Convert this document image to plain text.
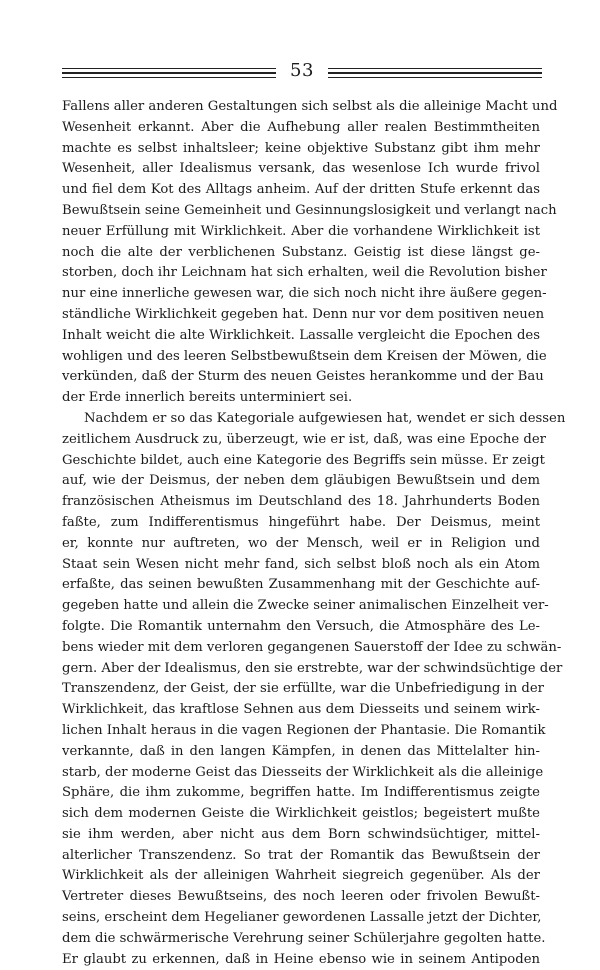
53
Fallens aller anderen Gestaltungen sich selbst als die alleinige Macht und
Wesenheit erkannt. Aber die Aufhebung aller realen Bestimmtheiten
machte es selbst inhaltsleer; keine objektive Substanz gibt ihm mehr
Wesenheit, aller Idealismus versank, das wesenlose Ich wurde frivol
und fiel dem Kot des Alltags anheim. Auf der dritten Stufe erkennt das
Bewußtsein seine Gemeinheit und Gesinnungslosigkeit und verlangt nach
neuer Erfüllung mit Wirklichkeit. Aber die vorhandene Wirklichkeit ist
noch die alte der verblichenen Substanz. Geistig ist diese längst ge-
storben, doch ihr Leichnam hat sich erhalten, weil die Revolution bisher
nur eine innerliche gewesen war, die sich noch nicht ihre äußere gegen-
ständliche Wirklichkeit gegeben hat. Denn nur vor dem positiven neuen
Inhalt weicht die alte Wirklichkeit. Lassalle vergleicht die Epochen des
wohligen und des leeren Selbstbewußtsein dem Kreisen der Möwen, die
verkünden, daß der Sturm des neuen Geistes herankomme und der Bau
der Erde innerlich bereits unterminiert sei.
Nachdem er so das Kategoriale aufgewiesen hat, wendet er sich dessen
zeitlichem Ausdruck zu, überzeugt, wie er ist, daß, was eine Epoche der
Geschichte bildet, auch eine Kategorie des Begriffs sein müsse. Er zeigt
auf, wie der Deismus, der neben dem gläubigen Bewußtsein und dem
französischen Atheismus im Deutschland des 18. Jahrhunderts Boden
faßte, zum Indifferentismus hingeführt habe. Der Deismus, meint
er, konnte nur auftreten, wo der Mensch, weil er in Religion und
Staat sein Wesen nicht mehr fand, sich selbst bloß noch als ein Atom
erfaßte, das seinen bewußten Zusammenhang mit der Geschichte auf-
gegeben hatte und allein die Zwecke seiner animalischen Einzelheit ver-
folgte. Die Romantik unternahm den Versuch, die Atmosphäre des Le-
bens wieder mit dem verloren gegangenen Sauerstoff der Idee zu schwän-
gern. Aber der Idealismus, den sie erstrebte, war der schwindsüchtige der
Transzendenz, der Geist, der sie erfüllte, war die Unbefriedigung in der
Wirklichkeit, das kraftlose Sehnen aus dem Diesseits und seinem wirk-
lichen Inhalt heraus in die vagen Regionen der Phantasie. Die Romantik
verkannte, daß in den langen Kämpfen, in denen das Mittelalter hin-
starb, der moderne Geist das Diesseits der Wirklichkeit als die alleinige
Sphäre, die ihm zukomme, begriffen hatte. Im Indifferentismus zeigte
sich dem modernen Geiste die Wirklichkeit geistlos; begeistert mußte
sie ihm werden, aber nicht aus dem Born schwindsüchtiger, mittel-
alterlicher Transzendenz. So trat der Romantik das Bewußtsein der
Wirklichkeit als der alleinigen Wahrheit siegreich gegenüber. Als der
Vertreter dieses Bewußtseins, des noch leeren oder frivolen Bewußt-
seins, erscheint dem Hegelianer gewordenen Lassalle jetzt der Dichter,
dem die schwärmerische Verehrung seiner Schülerjahre gegolten hatte.
Er glaubt zu erkennen, daß in Heine ebenso wie in seinem Antipoden
